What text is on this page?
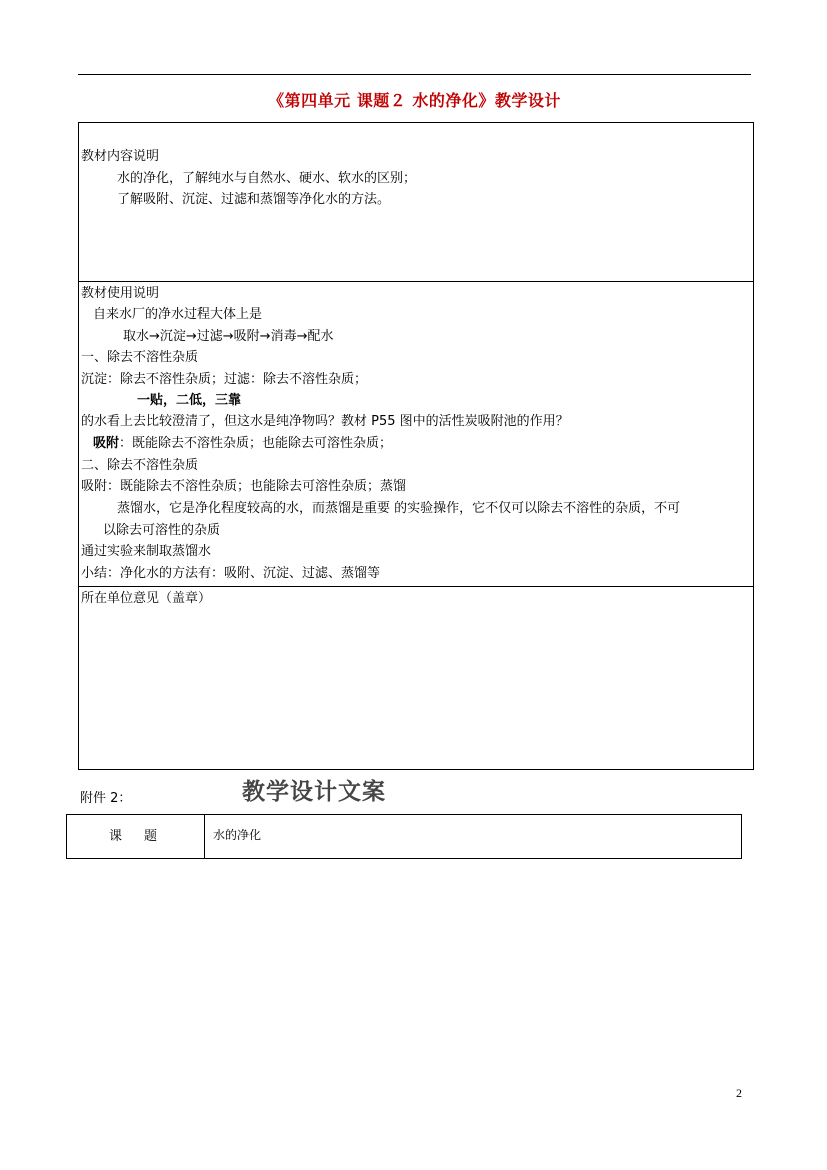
《第四单元 课题２ 水的净化》教学设计
教材内容说明
水的净化，了解纯水与自然水、硬水、软水的区别；
了解吸附、沉淀、过滤和蒸馏等净化水的方法。
教材使用说明
自来水厂的净水过程大体上是
取水→沉淀→过滤→吸附→消毒→配水
一、除去不溶性杂质
沉淀：除去不溶性杂质；过滤：除去不溶性杂质；
一贴，二低，三靠
的水看上去比较澄清了，但这水是纯净物吗？教材 P55 图中的活性炭吸附池的作用？
吸附：既能除去不溶性杂质；也能除去可溶性杂质；
二、除去不溶性杂质
吸附：既能除去不溶性杂质；也能除去可溶性杂质；蒸馏
蒸馏水，它是净化程度较高的水，而蒸馏是重要 的实验操作，它不仅可以除去不溶性的杂质，不可
以除去可溶性的杂质
通过实验来制取蒸馏水
小结：净化水的方法有：吸附、沉淀、过滤、蒸馏等
所在单位意见（盖章）
附件 2：	教学设计文案
课题	水的净化
2
